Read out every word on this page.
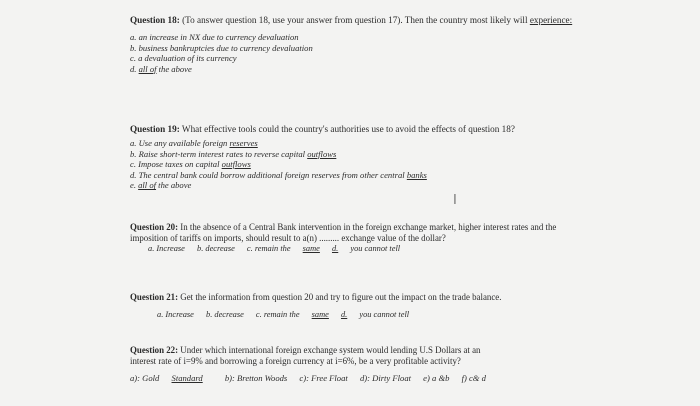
Question 18: (To answer question 18, use your answer from question 17). Then the country most likely will experience:
a. an increase in NX due to currency devaluation
b. business bankruptcies due to currency devaluation
c. a devaluation of its currency
d. all of the above
Question 19: What effective tools could the country's authorities use to avoid the effects of question 18?
a. Use any available foreign reserves
b. Raise short-term interest rates to reverse capital outflows
c. Impose taxes on capital outflows
d. The central bank could borrow additional foreign reserves from other central banks
e. all of the above
I
Question 20: In the absence of a Central Bank intervention in the foreign exchange market, higher interest rates and the imposition of tariffs on imports, should result to a(n) ......... exchange value of the dollar?
a. Increase b. decrease c. remain the same d. you cannot tell
Question 21: Get the information from question 20 and try to figure out the impact on the trade balance.
a. Increase b. decrease c. remain the same d. you cannot tell
Question 22: Under which international foreign exchange system would lending U.S Dollars at an
interest rate of i=9% and borrowing a foreign currency at i=6%, be a very profitable activity?
a): Gold Standard	b): Bretton Woods c): Free Float d): Dirty Float e) a &b f) c& d
